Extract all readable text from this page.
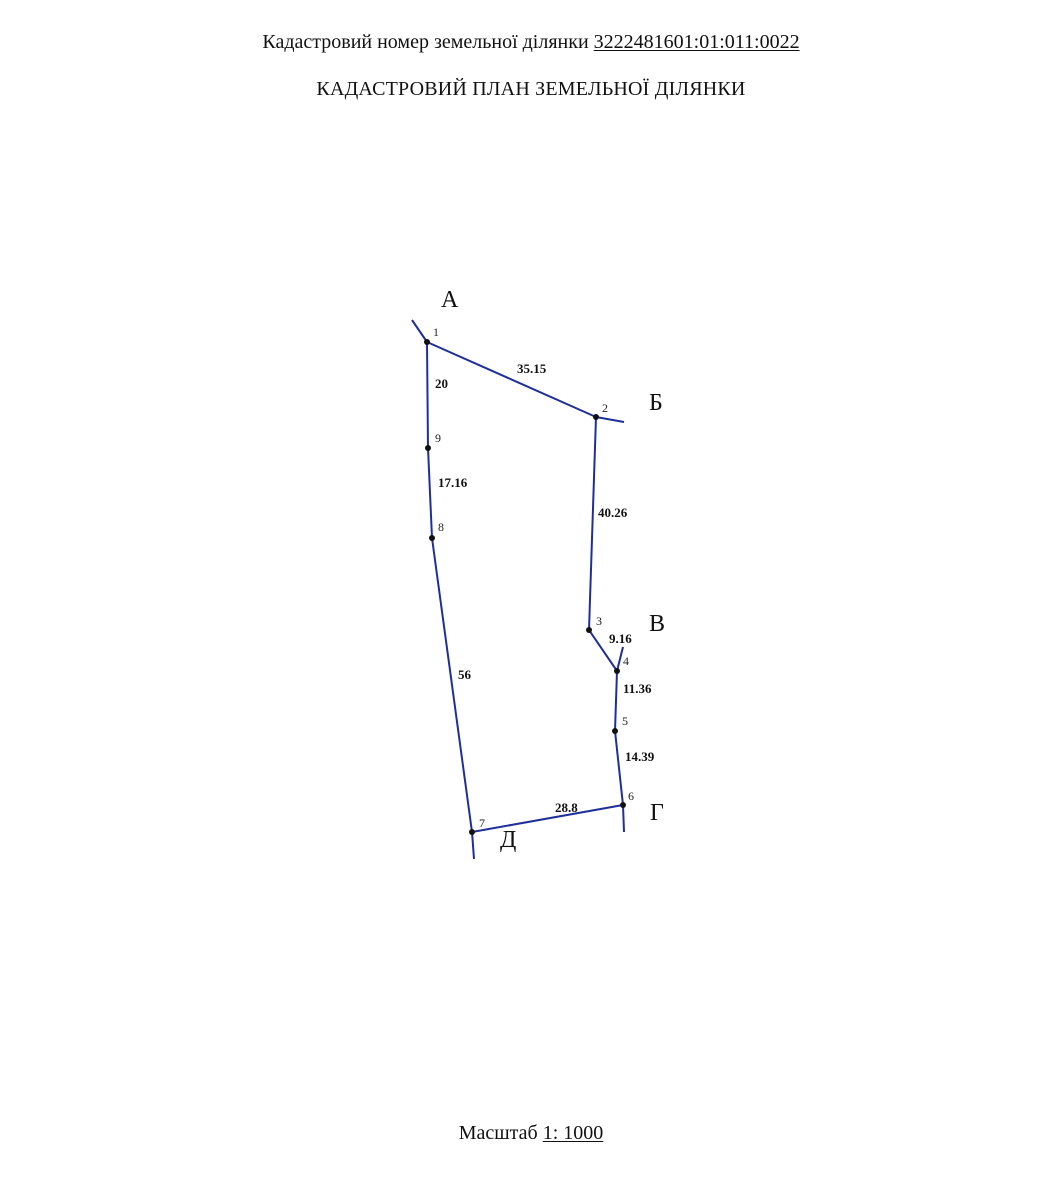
Кадастровий номер земельної ділянки 3222481601:01:011:0022
КАДАСТРОВИЙ ПЛАН ЗЕМЕЛЬНОЇ ДІЛЯНКИ
1
2
3
4
5
6
7
8
9
35.15
40.26
9.16
11.36
14.39
28.8
56
17.16
20
А
Б
В
Г
Д
Масштаб 1: 1000
